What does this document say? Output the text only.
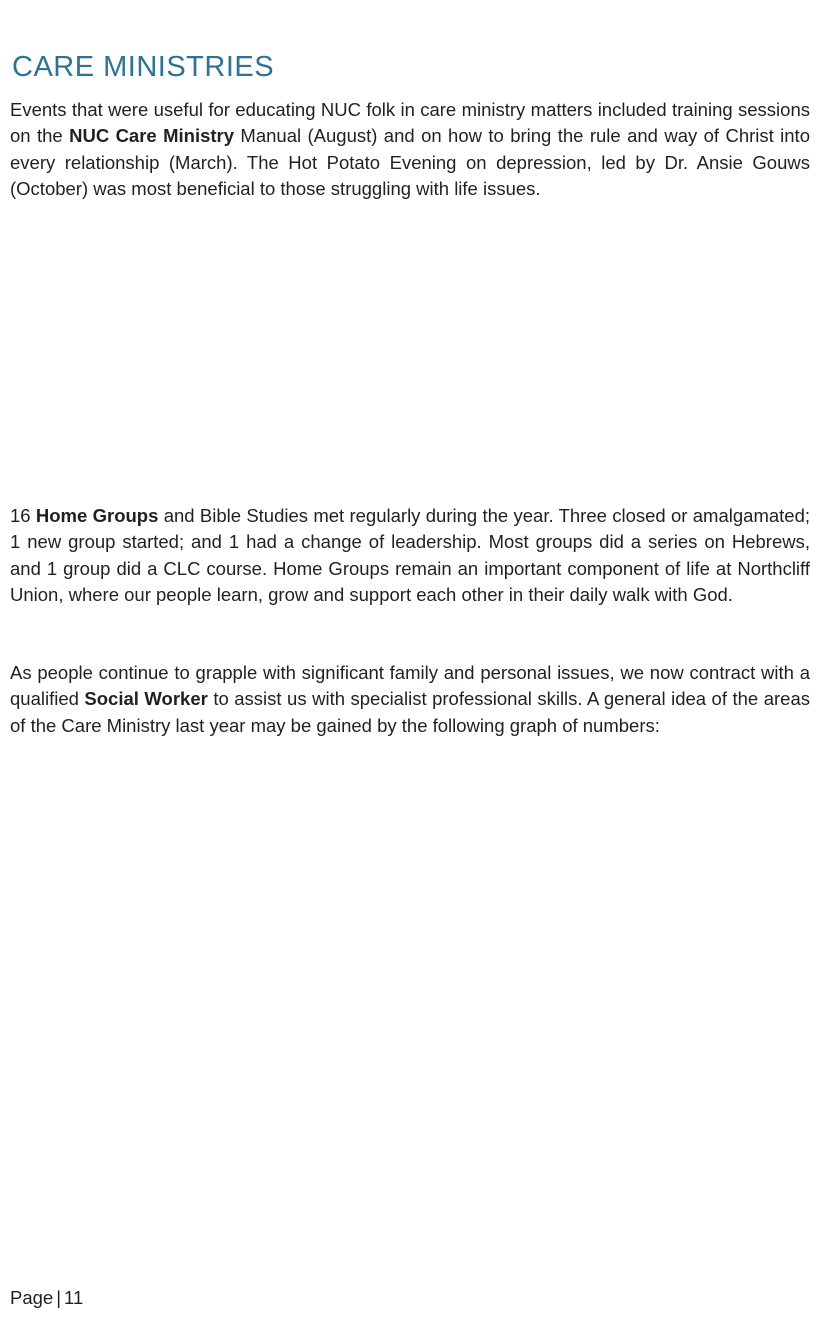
CARE MINISTRIES

Events that were useful for educating NUC folk in care ministry matters included training sessions on the NUC Care Ministry Manual (August) and on how to bring the rule and way of Christ into every relationship (March). The Hot Potato Evening on depression, led by Dr. Ansie Gouws (October) was most beneficial to those struggling with life issues.

16 Home Groups and Bible Studies met regularly during the year. Three closed or amalgamated; 1 new group started; and 1 had a change of leadership. Most groups did a series on Hebrews, and 1 group did a CLC course. Home Groups remain an important component of life at Northcliff Union, where our people learn, grow and support each other in their daily walk with God.

As people continue to grapple with significant family and personal issues, we now contract with a qualified Social Worker to assist us with specialist professional skills. A general idea of the areas of the Care Ministry last year may be gained by the following graph of numbers:

Page | 11
